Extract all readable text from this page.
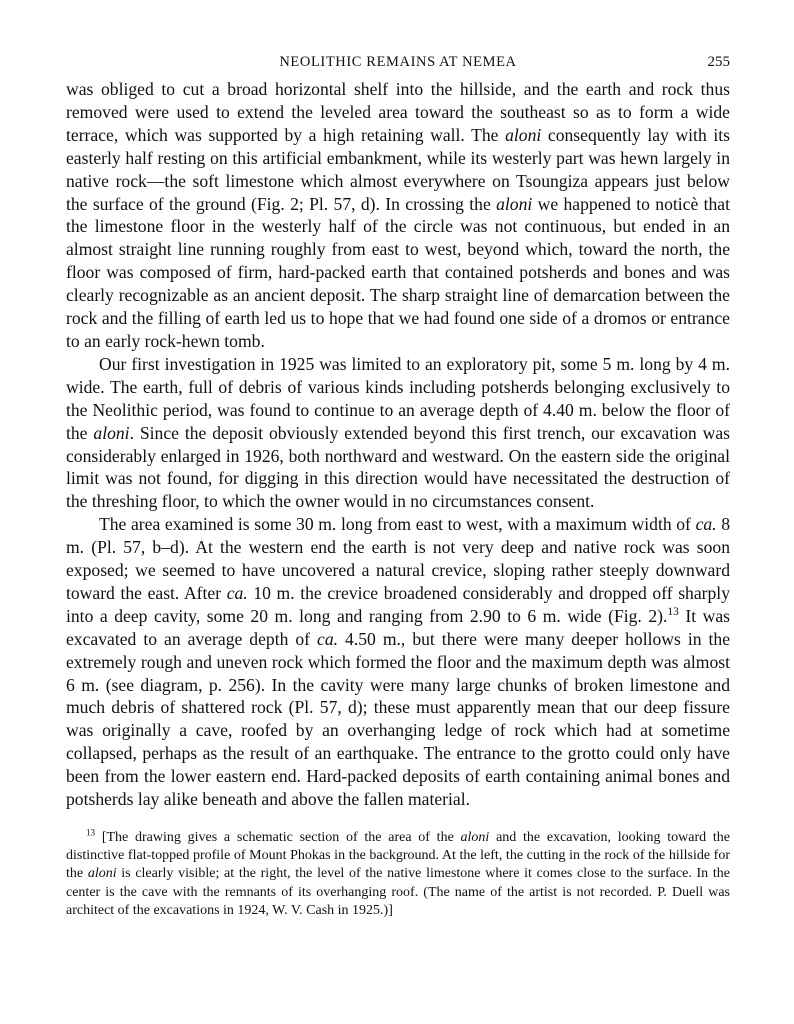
NEOLITHIC REMAINS AT NEMEA	255

was obliged to cut a broad horizontal shelf into the hillside, and the earth and rock thus removed were used to extend the leveled area toward the southeast so as to form a wide terrace, which was supported by a high retaining wall. The aloni consequently lay with its easterly half resting on this artificial embankment, while its westerly part was hewn largely in native rock—the soft limestone which almost everywhere on Tsoungiza appears just below the surface of the ground (Fig. 2; Pl. 57, d). In crossing the aloni we happened to noticè that the limestone floor in the westerly half of the circle was not continuous, but ended in an almost straight line running roughly from east to west, beyond which, toward the north, the floor was composed of firm, hard-packed earth that contained potsherds and bones and was clearly recognizable as an ancient deposit. The sharp straight line of demarcation between the rock and the filling of earth led us to hope that we had found one side of a dromos or entrance to an early rock-hewn tomb.

Our first investigation in 1925 was limited to an exploratory pit, some 5 m. long by 4 m. wide. The earth, full of debris of various kinds including potsherds belonging exclusively to the Neolithic period, was found to continue to an average depth of 4.40 m. below the floor of the aloni. Since the deposit obviously extended beyond this first trench, our excavation was considerably enlarged in 1926, both northward and westward. On the eastern side the original limit was not found, for digging in this direction would have necessitated the destruction of the threshing floor, to which the owner would in no circumstances consent.

The area examined is some 30 m. long from east to west, with a maximum width of ca. 8 m. (Pl. 57, b–d). At the western end the earth is not very deep and native rock was soon exposed; we seemed to have uncovered a natural crevice, sloping rather steeply downward toward the east. After ca. 10 m. the crevice broadened considerably and dropped off sharply into a deep cavity, some 20 m. long and ranging from 2.90 to 6 m. wide (Fig. 2).$^{13}$ It was excavated to an average depth of ca. 4.50 m., but there were many deeper hollows in the extremely rough and uneven rock which formed the floor and the maximum depth was almost 6 m. (see diagram, p. 256). In the cavity were many large chunks of broken limestone and much debris of shattered rock (Pl. 57, d); these must apparently mean that our deep fissure was originally a cave, roofed by an overhanging ledge of rock which had at sometime collapsed, perhaps as the result of an earthquake. The entrance to the grotto could only have been from the lower eastern end. Hard-packed deposits of earth containing animal bones and potsherds lay alike beneath and above the fallen material.

$^{13}$ [The drawing gives a schematic section of the area of the aloni and the excavation, looking toward the distinctive flat-topped profile of Mount Phokas in the background. At the left, the cutting in the rock of the hillside for the aloni is clearly visible; at the right, the level of the native limestone where it comes close to the surface. In the center is the cave with the remnants of its overhanging roof. (The name of the artist is not recorded. P. Duell was architect of the excavations in 1924, W. V. Cash in 1925.)]
